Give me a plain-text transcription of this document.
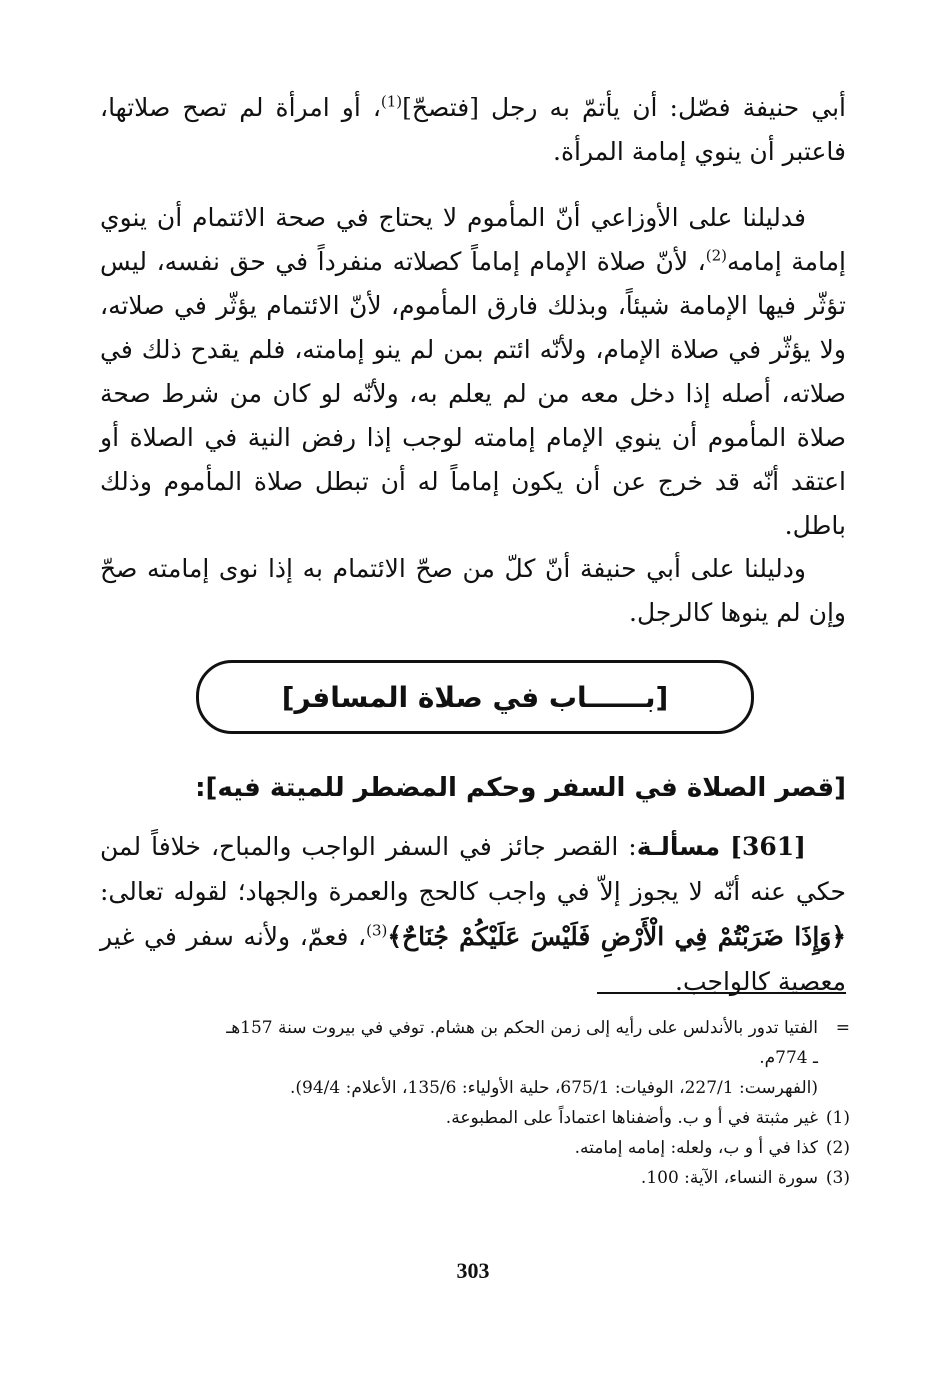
أبي حنيفة فصّل: أن يأتمّ به رجل [فتصحّ]$^{(1)}$، أو امرأة لم تصح صلاتها، فاعتبر أن ينوي إمامة المرأة.
فدليلنا على الأوزاعي أنّ المأموم لا يحتاج في صحة الائتمام أن ينوي إمامة إمامه$^{(2)}$، لأنّ صلاة الإمام إماماً كصلاته منفرداً في حق نفسه، ليس تؤثّر فيها الإمامة شيئاً، وبذلك فارق المأموم، لأنّ الائتمام يؤثّر في صلاته، ولا يؤثّر في صلاة الإمام، ولأنّه ائتم بمن لم ينو إمامته، فلم يقدح ذلك في صلاته، أصله إذا دخل معه من لم يعلم به، ولأنّه لو كان من شرط صحة صلاة المأموم أن ينوي الإمام إمامته لوجب إذا رفض النية في الصلاة أو اعتقد أنّه قد خرج عن أن يكون إماماً له أن تبطل صلاة المأموم وذلك باطل.
ودليلنا على أبي حنيفة أنّ كلّ من صحّ الائتمام به إذا نوى إمامته صحّ وإن لم ينوها كالرجل.
[بــــــاب في صلاة المسافر]
[قصر الصلاة في السفر وحكم المضطر للميتة فيه]:
[361] مسألـة: القصر جائز في السفر الواجب والمباح، خلافاً لمن حكي عنه أنّه لا يجوز إلاّ في واجب كالحج والعمرة والجهاد؛ لقوله تعالى: ﴿وَإِذَا ضَرَبْتُمْ فِي الْأَرْضِ فَلَيْسَ عَلَيْكُمْ جُنَاحٌ﴾$^{(3)}$، فعمّ، ولأنه سفر في غير معصية كالواجب.
=
الفتيا تدور بالأندلس على رأيه إلى زمن الحكم بن هشام. توفي في بيروت سنة 157هـ
ـ 774م.
(الفهرست: 227/1، الوفيات: 675/1، حلية الأولياء: 135/6، الأعلام: 94/4).
(1)
غير مثبتة في أ و ب. وأضفناها اعتماداً على المطبوعة.
(2)
كذا في أ و ب، ولعله: إمامه إمامته.
(3)
سورة النساء، الآية: 100.
303
